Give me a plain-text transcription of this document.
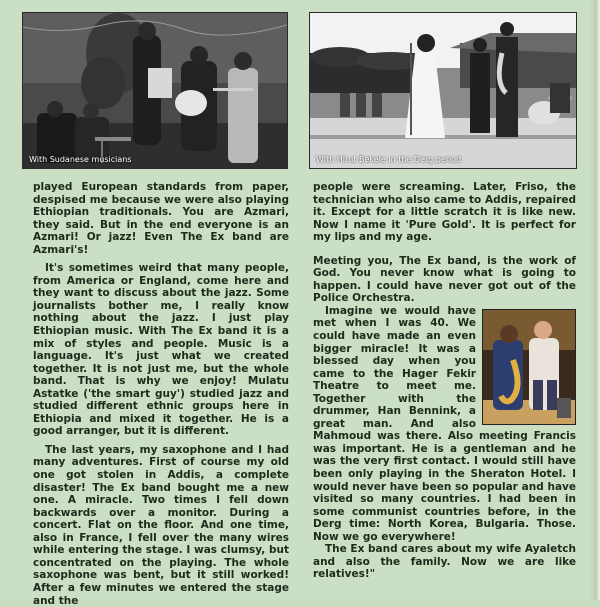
With Sudanese musicians	With Hirut Bekele in the Derg period

played European standards from paper, despised me because we were also playing Ethiopian traditionals. You are Azmari, they said. But in the end everyone is an Azmari! Or jazz! Even The Ex band are Azmari's!

It's sometimes weird that many people, from America or England, come here and they want to discuss about the jazz. Some journalists bother me, I really know nothing about the jazz. I just play Ethiopian music. With The Ex band it is a mix of styles and people. Music is a language. It's just what we created together. It is not just me, but the whole band. That is why we enjoy! Mulatu Astatke ('the smart guy') studied jazz and studied different ethnic groups here in Ethiopia and mixed it together. He is a good arranger, but it is different.

The last years, my saxophone and I had many adventures. First of course my old one got stolen in Addis, a complete disaster! The Ex band bought me a new one. A miracle. Two times I fell down backwards over a monitor. During a concert. Flat on the floor. And one time, also in France, I fell over the many wires while entering the stage. I was clumsy, but concentrated on the playing. The whole saxophone was bent, but it still worked! After a few minutes we entered the stage and the

people were screaming. Later, Friso, the technician who also came to Addis, repaired it. Except for a little scratch it is like new. Now I name it 'Pure Gold'. It is perfect for my lips and my age.

Meeting you, The Ex band, is the work of God. You never know what is going to happen. I could have never got out of the Police Orchestra.

Imagine we would have met when I was 40. We could have made an even bigger miracle! It was a blessed day when you came to the Hager Fekir Theatre to meet me. Together with the drummer, Han Bennink, a great man. And also Mahmoud was there. Also meeting Francis was important. He is a gentleman and he was the very first contact. I would still have been only playing in the Sheraton Hotel. I would never have been so popular and have visited so many countries. I had been in some communist countries before, in the Derg time: North Korea, Bulgaria. Those. Now we go everywhere!

The Ex band cares about my wife Ayaletch and also the family. Now we are like relatives!"
